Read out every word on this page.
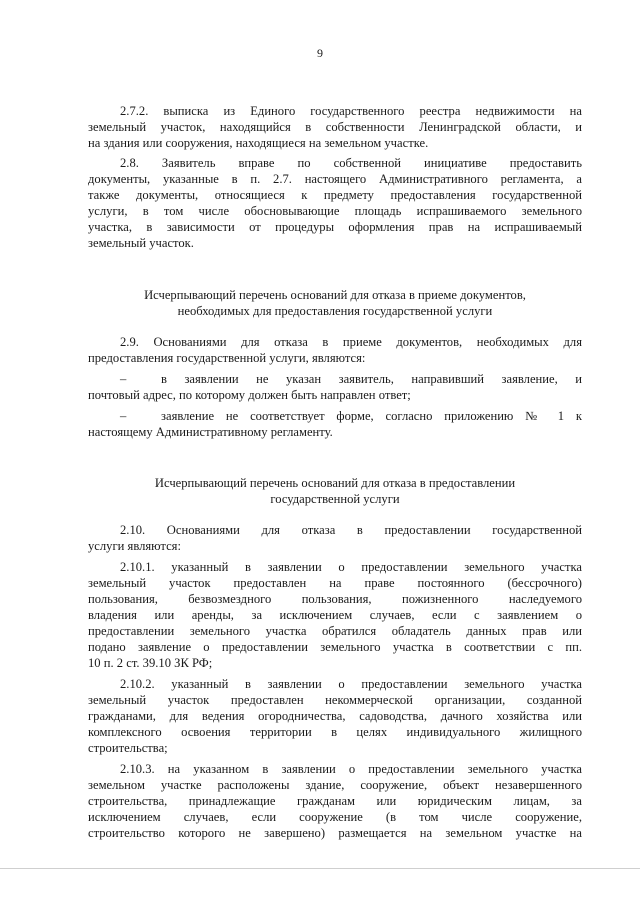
9
2.7.2. выписка из Единого государственного реестра недвижимости на
земельный участок, находящийся в собственности Ленинградской области, и
на здания или сооружения, находящиеся на земельном участке.
2.8. Заявитель вправе по собственной инициативе предоставить
документы, указанные в п. 2.7. настоящего Административного регламента, а
также документы, относящиеся к предмету предоставления государственной
услуги, в том числе обосновывающие площадь испрашиваемого земельного
участка, в зависимости от процедуры оформления прав на испрашиваемый
земельный участок.
Исчерпывающий перечень оснований для отказа в приеме документов,
необходимых для предоставления государственной услуги
2.9. Основаниями для отказа в приеме документов, необходимых для
предоставления государственной услуги, являются:
–	в заявлении не указан заявитель, направивший заявление, и
почтовый адрес, по которому должен быть направлен ответ;
–	заявление не соответствует форме, согласно приложению № 1 к
настоящему Административному регламенту.
Исчерпывающий перечень оснований для отказа в предоставлении
государственной услуги
2.10. Основаниями для отказа в предоставлении государственной
услуги являются:
2.10.1. указанный в заявлении о предоставлении земельного участка
земельный участок предоставлен на праве постоянного (бессрочного)
пользования, безвозмездного пользования, пожизненного наследуемого
владения или аренды, за исключением случаев, если с заявлением о
предоставлении земельного участка обратился обладатель данных прав или
подано заявление о предоставлении земельного участка в соответствии с пп.
10 п. 2 ст. 39.10 ЗК РФ;
2.10.2. указанный в заявлении о предоставлении земельного участка
земельный участок предоставлен некоммерческой организации, созданной
гражданами, для ведения огородничества, садоводства, дачного хозяйства или
комплексного освоения территории в целях индивидуального жилищного
строительства;
2.10.3. на указанном в заявлении о предоставлении земельного участка
земельном участке расположены здание, сооружение, объект незавершенного
строительства, принадлежащие гражданам или юридическим лицам, за
исключением случаев, если сооружение (в том числе сооружение,
строительство которого не завершено) размещается на земельном участке на
